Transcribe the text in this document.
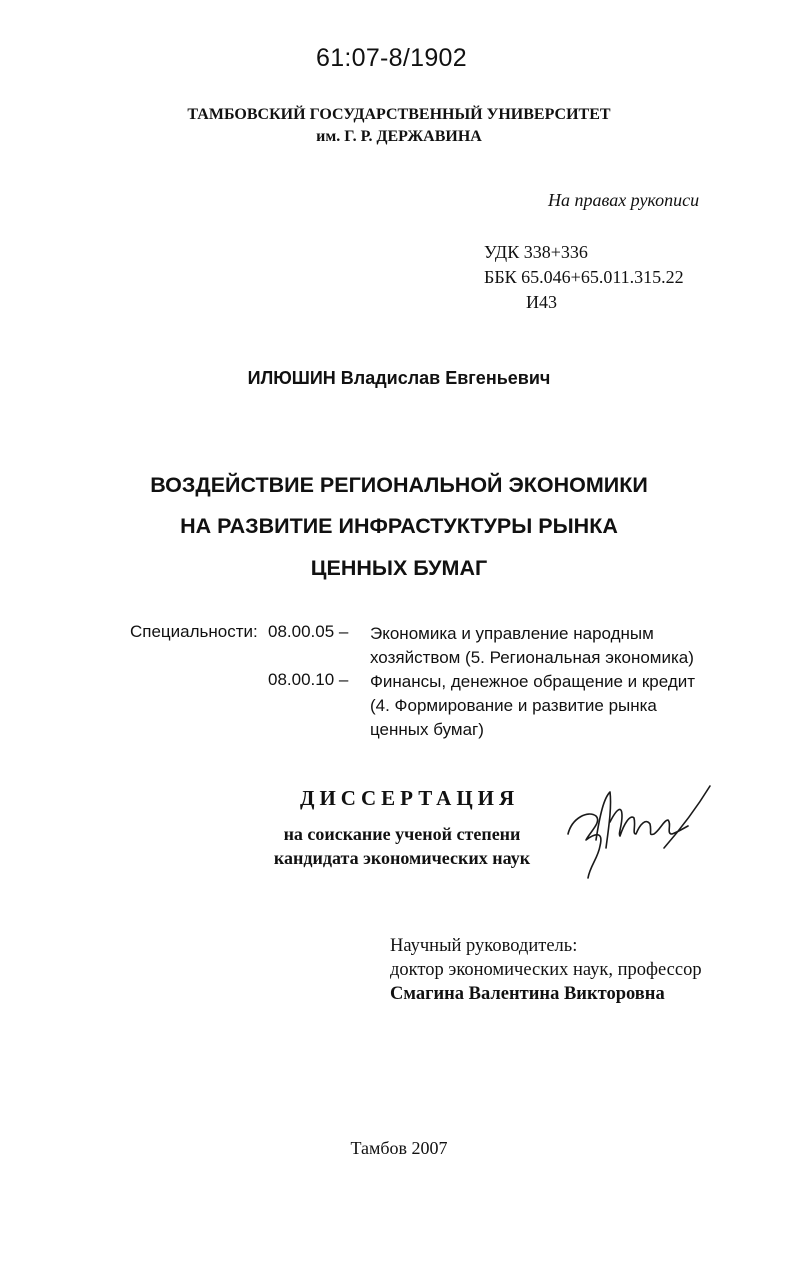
61:07-8/1902
ТАМБОВСКИЙ ГОСУДАРСТВЕННЫЙ УНИВЕРСИТЕТ
им. Г. Р. ДЕРЖАВИНА
На правах рукописи
УДК 338+336
ББК 65.046+65.011.315.22
И43
ИЛЮШИН Владислав Евгеньевич
ВОЗДЕЙСТВИЕ РЕГИОНАЛЬНОЙ ЭКОНОМИКИ
НА РАЗВИТИЕ ИНФРАСТУКТУРЫ РЫНКА
ЦЕННЫХ БУМАГ
Специальности: 08.00.05 – Экономика и управление народным
хозяйством (5. Региональная экономика)
08.00.10 – Финансы, денежное обращение и кредит
(4. Формирование и развитие рынка
ценных бумаг)
ДИССЕРТАЦИЯ
на соискание ученой степени
кандидата экономических наук
Научный руководитель:
доктор экономических наук, профессор
Смагина Валентина Викторовна
Тамбов 2007
